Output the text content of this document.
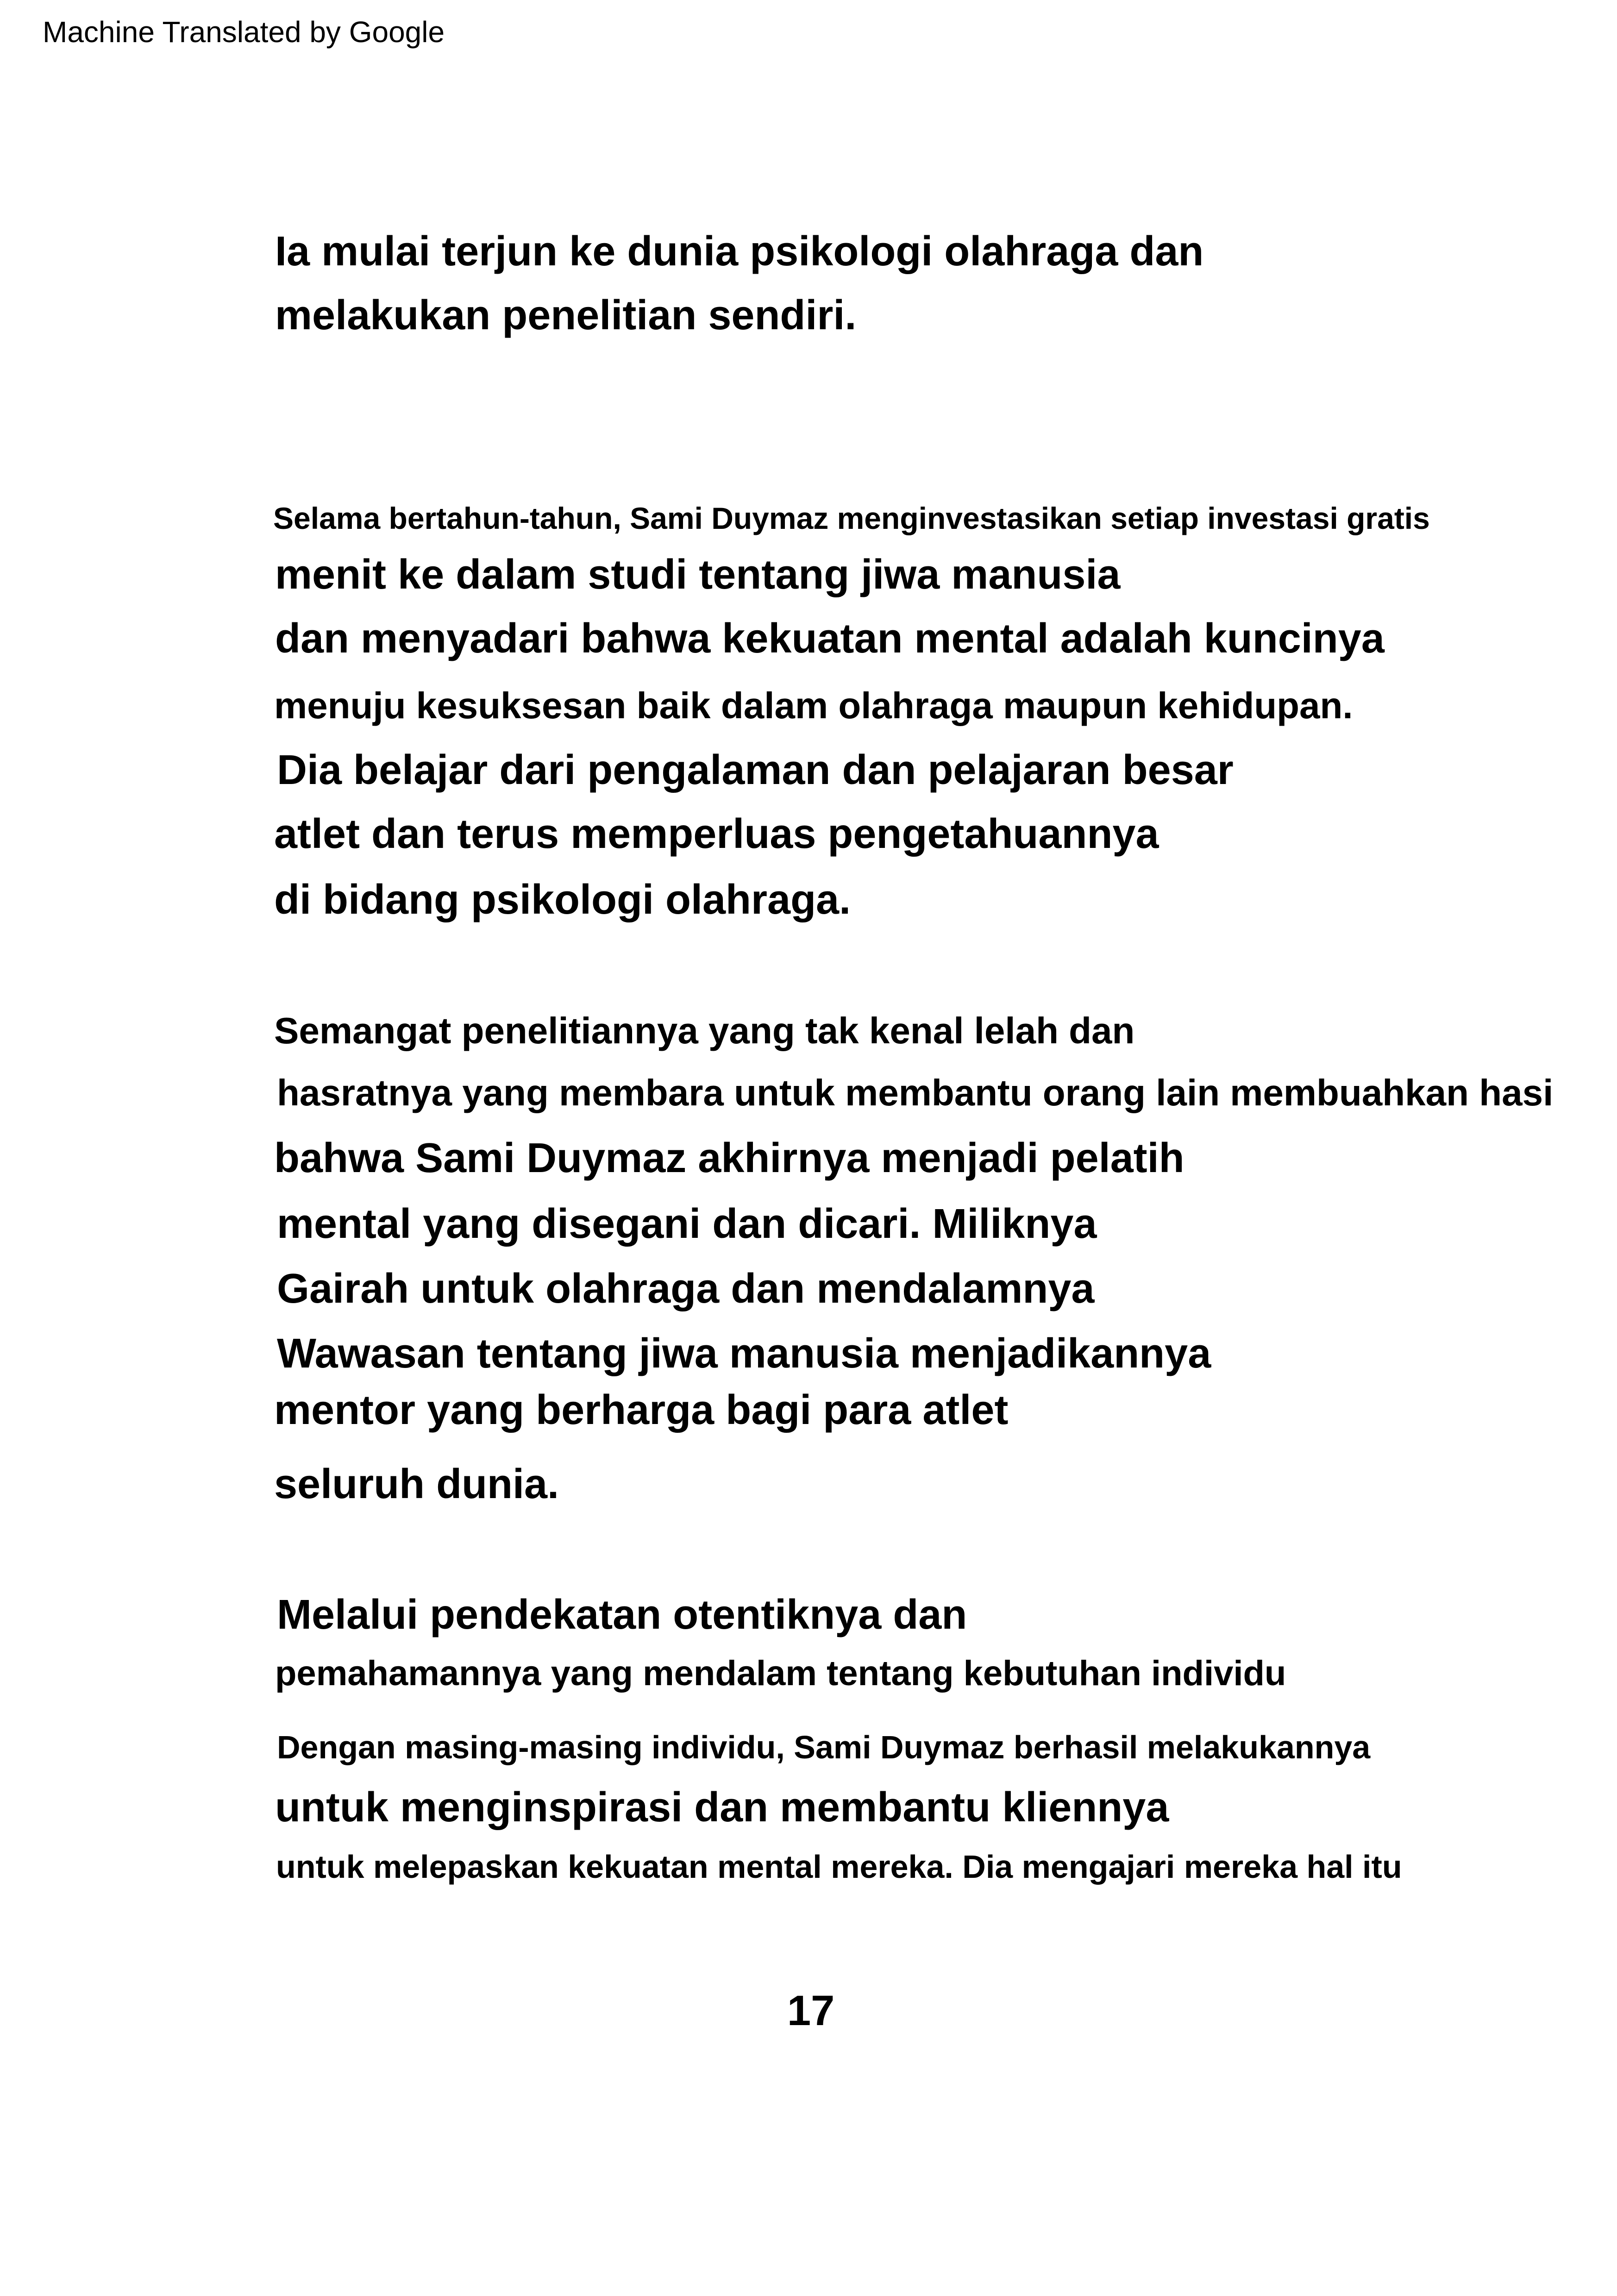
Machine Translated by Google
Ia mulai terjun ke dunia psikologi olahraga dan
melakukan penelitian sendiri.
Selama bertahun-tahun, Sami Duymaz menginvestasikan setiap investasi gratis
menit ke dalam studi tentang jiwa manusia
dan menyadari bahwa kekuatan mental adalah kuncinya
menuju kesuksesan baik dalam olahraga maupun kehidupan.
Dia belajar dari pengalaman dan pelajaran besar
atlet dan terus memperluas pengetahuannya
di bidang psikologi olahraga.
Semangat penelitiannya yang tak kenal lelah dan
hasratnya yang membara untuk membantu orang lain membuahkan hasi
bahwa Sami Duymaz akhirnya menjadi pelatih
mental yang disegani dan dicari. Miliknya
Gairah untuk olahraga dan mendalamnya
Wawasan tentang jiwa manusia menjadikannya
mentor yang berharga bagi para atlet
seluruh dunia.
Melalui pendekatan otentiknya dan
pemahamannya yang mendalam tentang kebutuhan individu
Dengan masing-masing individu, Sami Duymaz berhasil melakukannya
untuk menginspirasi dan membantu kliennya
untuk melepaskan kekuatan mental mereka. Dia mengajari mereka hal itu
17
